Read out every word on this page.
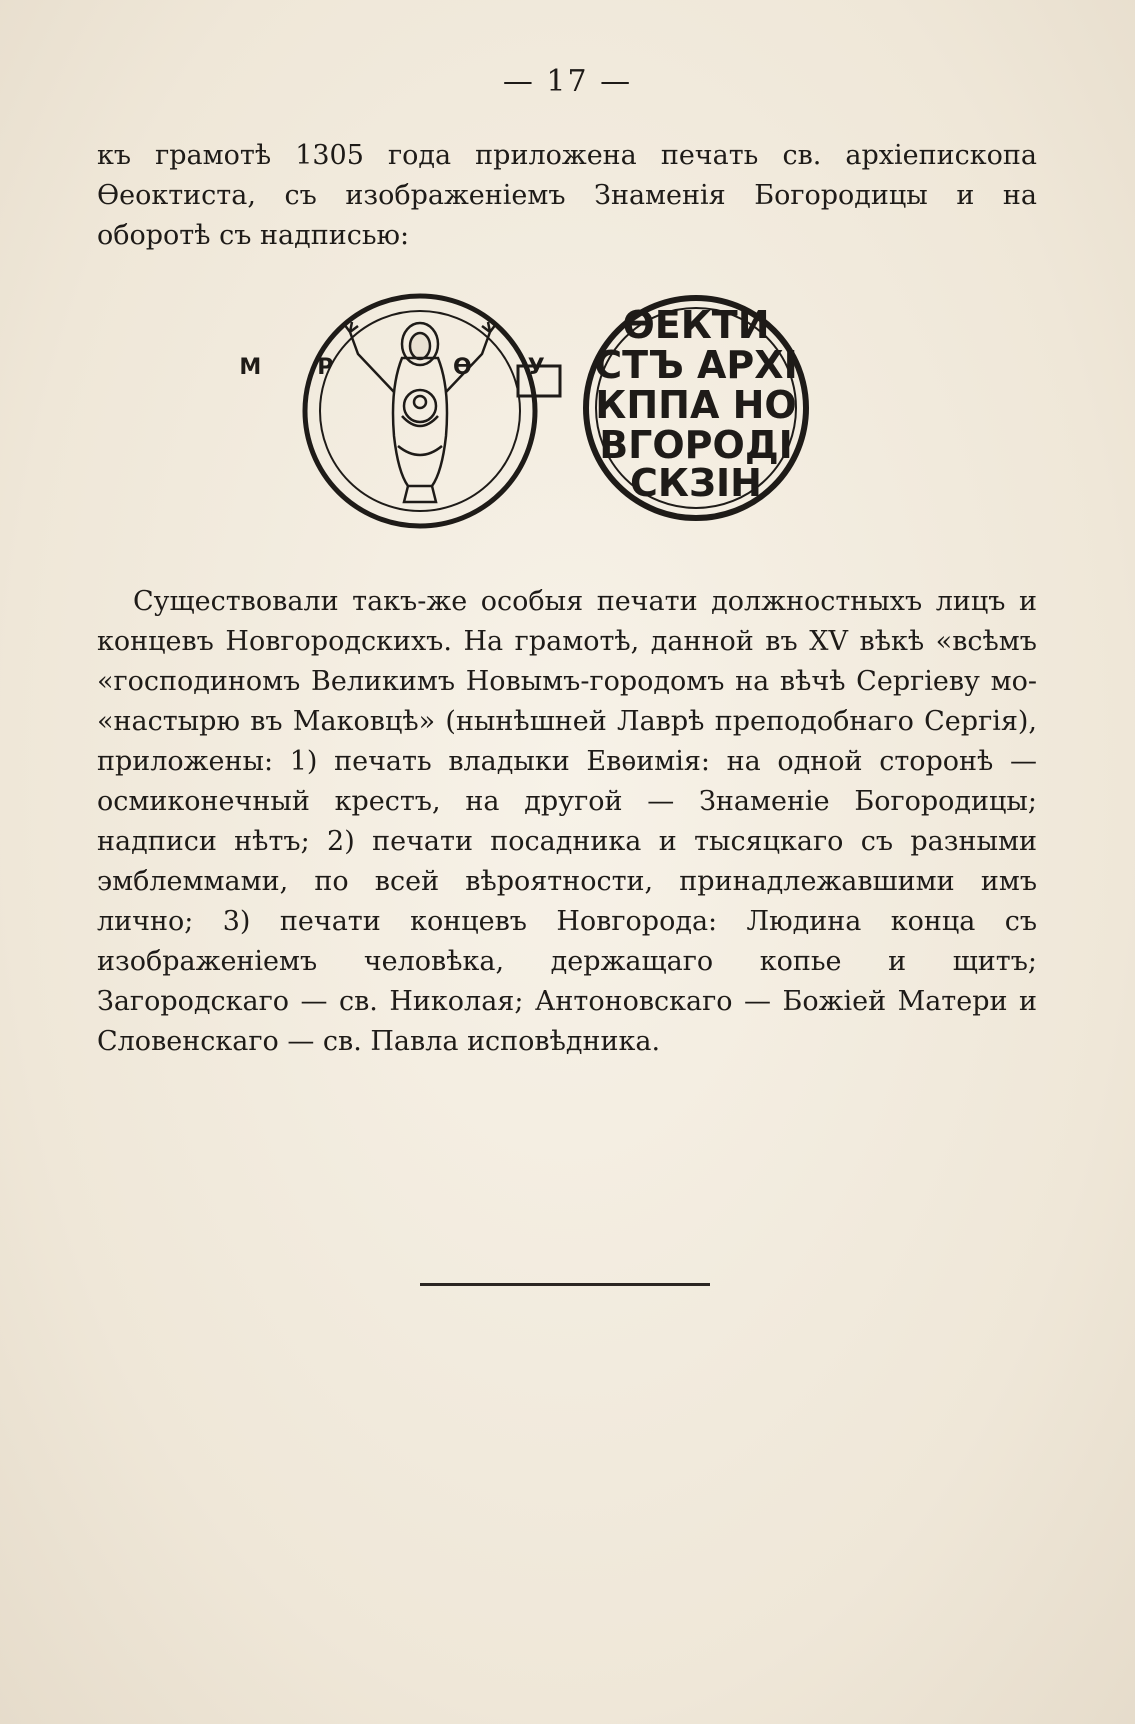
— 17 —

къ грамотѣ 1305 года приложена печать св. архіепископа Ѳеоктиста, съ изображеніемъ Знаменія Богородицы и на оборотѣ съ надписью:

МР ѲУ
ѲЕКТИ
СТЪ АРХІ
КППА НО
ВГОРОДІ
СКЗІН

Существовали такъ-же особыя печати должностныхъ лицъ и концевъ Новгородскихъ. На грамотѣ, данной въ XV вѣкѣ «всѣмъ «господиномъ Великимъ Новымъ-городомъ на вѣчѣ Сергіеву мо- «настырю въ Маковцѣ» (нынѣшней Лаврѣ преподобнаго Сергія), приложены: 1) печать владыки Евѳимія: на одной сторонѣ — осмиконечный крестъ, на другой — Знаменіе Богородицы; надписи нѣтъ; 2) печати посадника и тысяцкаго съ разными эмблеммами, по всей вѣроятности, принадлежавшими имъ лично; 3) печати концевъ Новгорода: Людина конца съ изображеніемъ человѣка, держащаго копье и щитъ; Загородскаго — св. Николая; Антоновскаго — Божіей Матери и Словенскаго — св. Павла исповѣдника.
